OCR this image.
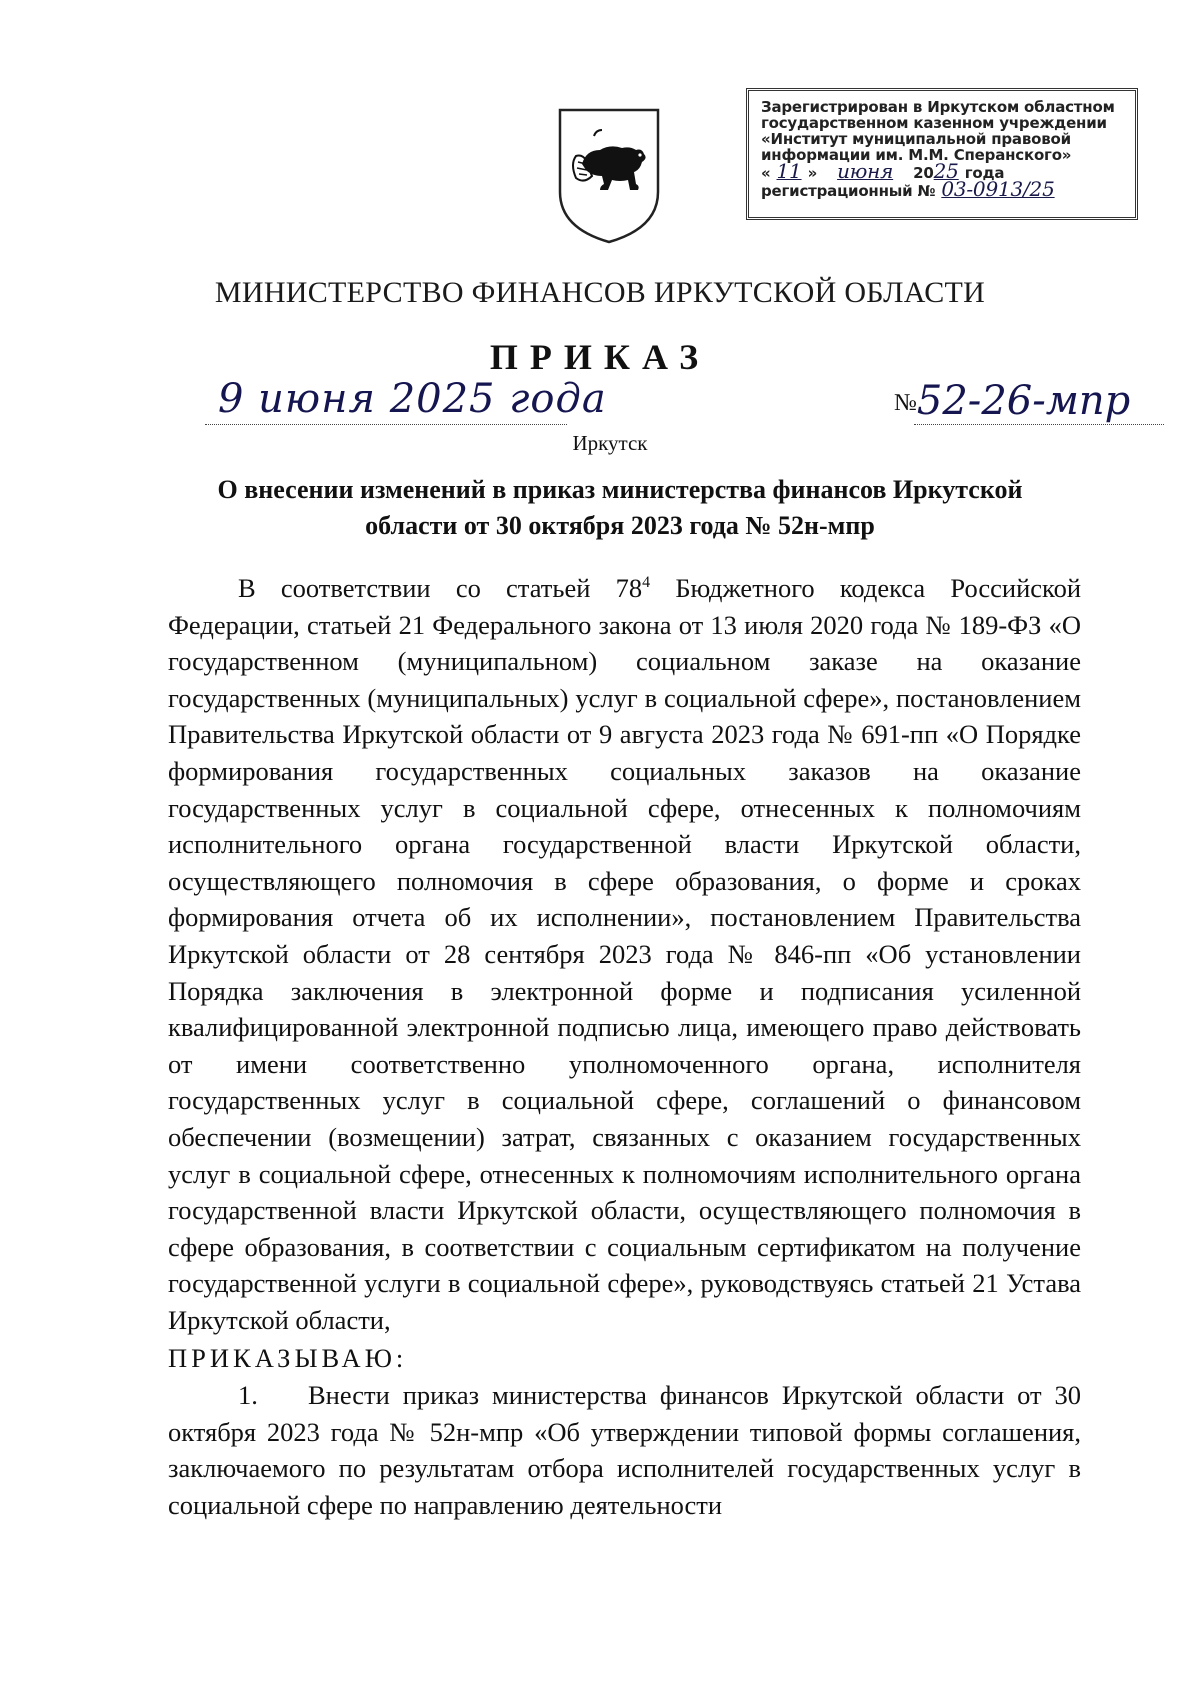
Зарегистрирован в Иркутском областном
государственном казенном учреждении
«Институт муниципальной правовой
информации им. М.М. Сперанского»
« 11 » июня 2025 года
регистрационный № 03-0913/25
МИНИСТЕРСТВО ФИНАНСОВ ИРКУТСКОЙ ОБЛАСТИ
ПРИКАЗ
9 июня 2025 года	№52-26-мпр
Иркутск
О внесении изменений в приказ министерства финансов Иркутской области от 30 октября 2023 года № 52н-мпр

В соответствии со статьей $78^4$ Бюджетного кодекса Российской Федерации, статьей 21 Федерального закона от 13 июля 2020 года № 189-ФЗ «О государственном (муниципальном) социальном заказе на оказание государственных (муниципальных) услуг в социальной сфере», постановлением Правительства Иркутской области от 9 августа 2023 года № 691-пп «О Порядке формирования государственных социальных заказов на оказание государственных услуг в социальной сфере, отнесенных к полномочиям исполнительного органа государственной власти Иркутской области, осуществляющего полномочия в сфере образования, о форме и сроках формирования отчета об их исполнении», постановлением Правительства Иркутской области от 28 сентября 2023 года № 846-пп «Об установлении Порядка заключения в электронной форме и подписания усиленной квалифицированной электронной подписью лица, имеющего право действовать от имени соответственно уполномоченного органа, исполнителя государственных услуг в социальной сфере, соглашений о финансовом обеспечении (возмещении) затрат, связанных с оказанием государственных услуг в социальной сфере, отнесенных к полномочиям исполнительного органа государственной власти Иркутской области, осуществляющего полномочия в сфере образования, в соответствии с социальным сертификатом на получение государственной услуги в социальной сфере», руководствуясь статьей 21 Устава Иркутской области,

ПРИКАЗЫВАЮ:

1. Внести приказ министерства финансов Иркутской области от 30 октября 2023 года № 52н-мпр «Об утверждении типовой формы соглашения, заключаемого по результатам отбора исполнителей государственных услуг в социальной сфере по направлению деятельности
